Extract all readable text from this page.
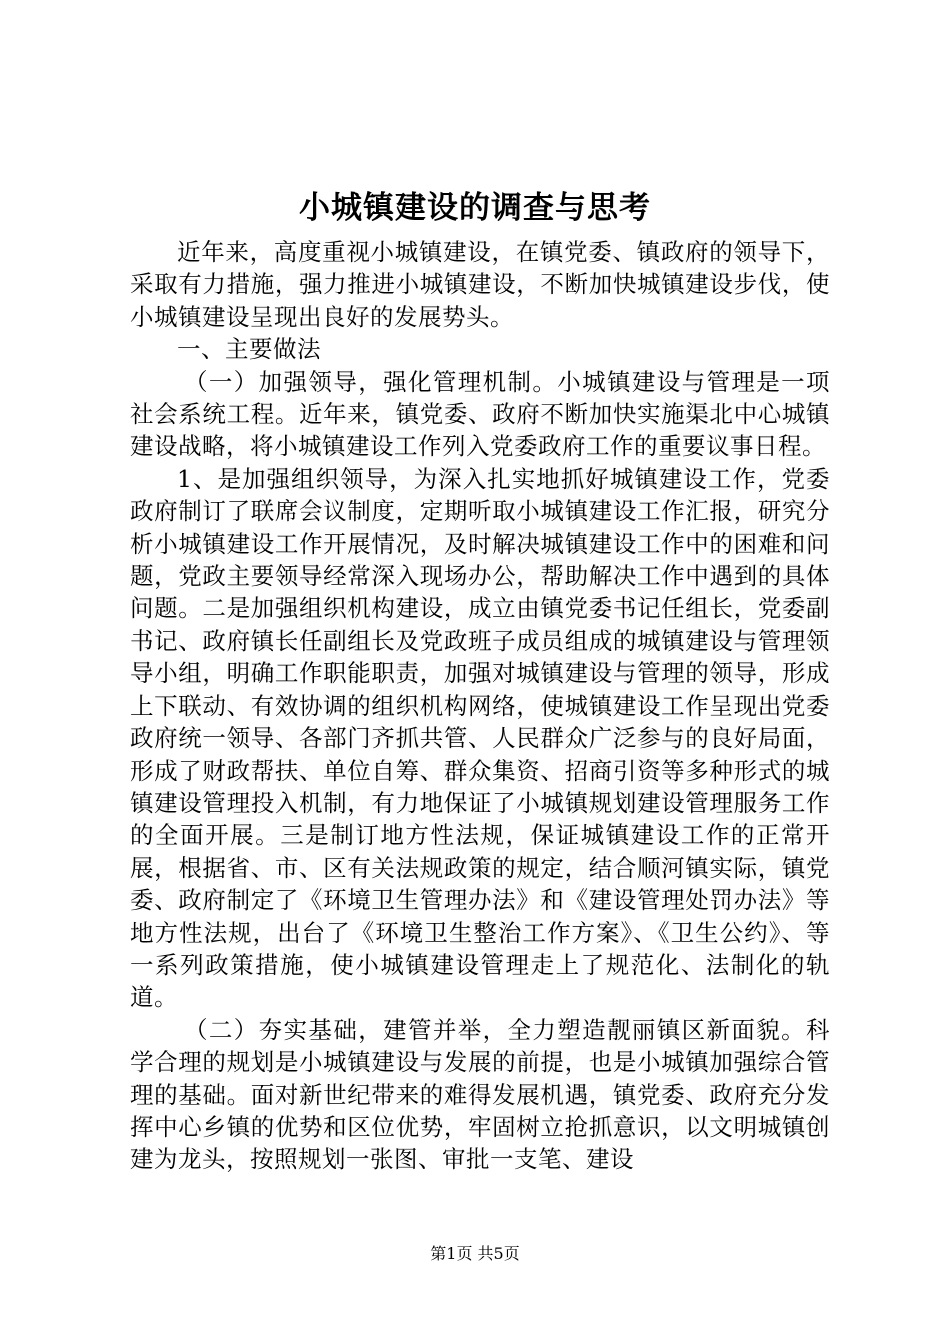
小城镇建设的调查与思考

近年来，高度重视小城镇建设，在镇党委、镇政府的领导下，采取有力措施，强力推进小城镇建设，不断加快城镇建设步伐，使小城镇建设呈现出良好的发展势头。

一、主要做法

（一）加强领导，强化管理机制。小城镇建设与管理是一项社会系统工程。近年来，镇党委、政府不断加快实施渠北中心城镇建设战略，将小城镇建设工作列入党委政府工作的重要议事日程。

1、是加强组织领导，为深入扎实地抓好城镇建设工作，党委政府制订了联席会议制度，定期听取小城镇建设工作汇报，研究分析小城镇建设工作开展情况，及时解决城镇建设工作中的困难和问题，党政主要领导经常深入现场办公，帮助解决工作中遇到的具体问题。二是加强组织机构建设，成立由镇党委书记任组长，党委副书记、政府镇长任副组长及党政班子成员组成的城镇建设与管理领导小组，明确工作职能职责，加强对城镇建设与管理的领导，形成上下联动、有效协调的组织机构网络，使城镇建设工作呈现出党委政府统一领导、各部门齐抓共管、人民群众广泛参与的良好局面，形成了财政帮扶、单位自筹、群众集资、招商引资等多种形式的城镇建设管理投入机制，有力地保证了小城镇规划建设管理服务工作的全面开展。三是制订地方性法规，保证城镇建设工作的正常开展，根据省、市、区有关法规政策的规定，结合顺河镇实际，镇党委、政府制定了《环境卫生管理办法》和《建设管理处罚办法》等地方性法规，出台了《环境卫生整治工作方案》、《卫生公约》、等一系列政策措施，使小城镇建设管理走上了规范化、法制化的轨道。

（二）夯实基础，建管并举，全力塑造靓丽镇区新面貌。科学合理的规划是小城镇建设与发展的前提，也是小城镇加强综合管理的基础。面对新世纪带来的难得发展机遇，镇党委、政府充分发挥中心乡镇的优势和区位优势，牢固树立抢抓意识，以文明城镇创建为龙头，按照规划一张图、审批一支笔、建设

第1页 共5页
